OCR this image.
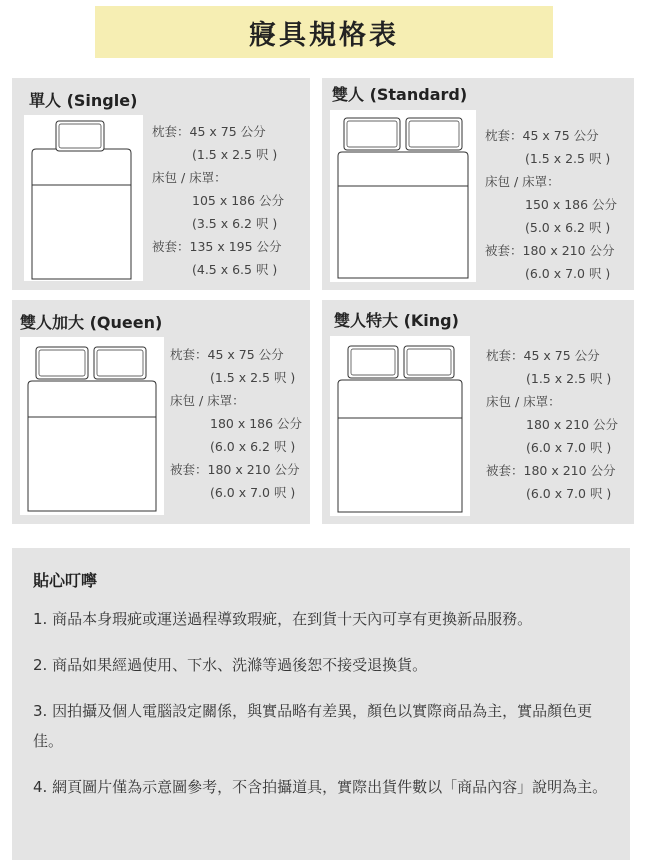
寢具規格表
單人 (Single)
枕套：45 x 75 公分
(1.5 x 2.5 呎 )
床包 / 床罩：
105 x 186 公分
(3.5 x 6.2 呎 )
被套：135 x 195 公分
(4.5 x 6.5 呎 )
雙人 (Standard)
枕套：45 x 75 公分
(1.5 x 2.5 呎 )
床包 / 床罩：
150 x 186 公分
(5.0 x 6.2 呎 )
被套：180 x 210 公分
(6.0 x 7.0 呎 )
雙人加大 (Queen)
枕套：45 x 75 公分
(1.5 x 2.5 呎 )
床包 / 床罩：
180 x 186 公分
(6.0 x 6.2 呎 )
被套：180 x 210 公分
(6.0 x 7.0 呎 )
雙人特大 (King)
枕套：45 x 75 公分
(1.5 x 2.5 呎 )
床包 / 床罩：
180 x 210 公分
(6.0 x 7.0 呎 )
被套：180 x 210 公分
(6.0 x 7.0 呎 )
貼心叮嚀
1. 商品本身瑕疵或運送過程導致瑕疵，在到貨十天內可享有更換新品服務。
2. 商品如果經過使用、下水、洗滌等過後恕不接受退換貨。
3. 因拍攝及個人電腦設定關係，與實品略有差異，顏色以實際商品為主，實品顏色更佳。
4. 網頁圖片僅為示意圖參考，不含拍攝道具，實際出貨件數以「商品內容」說明為主。
